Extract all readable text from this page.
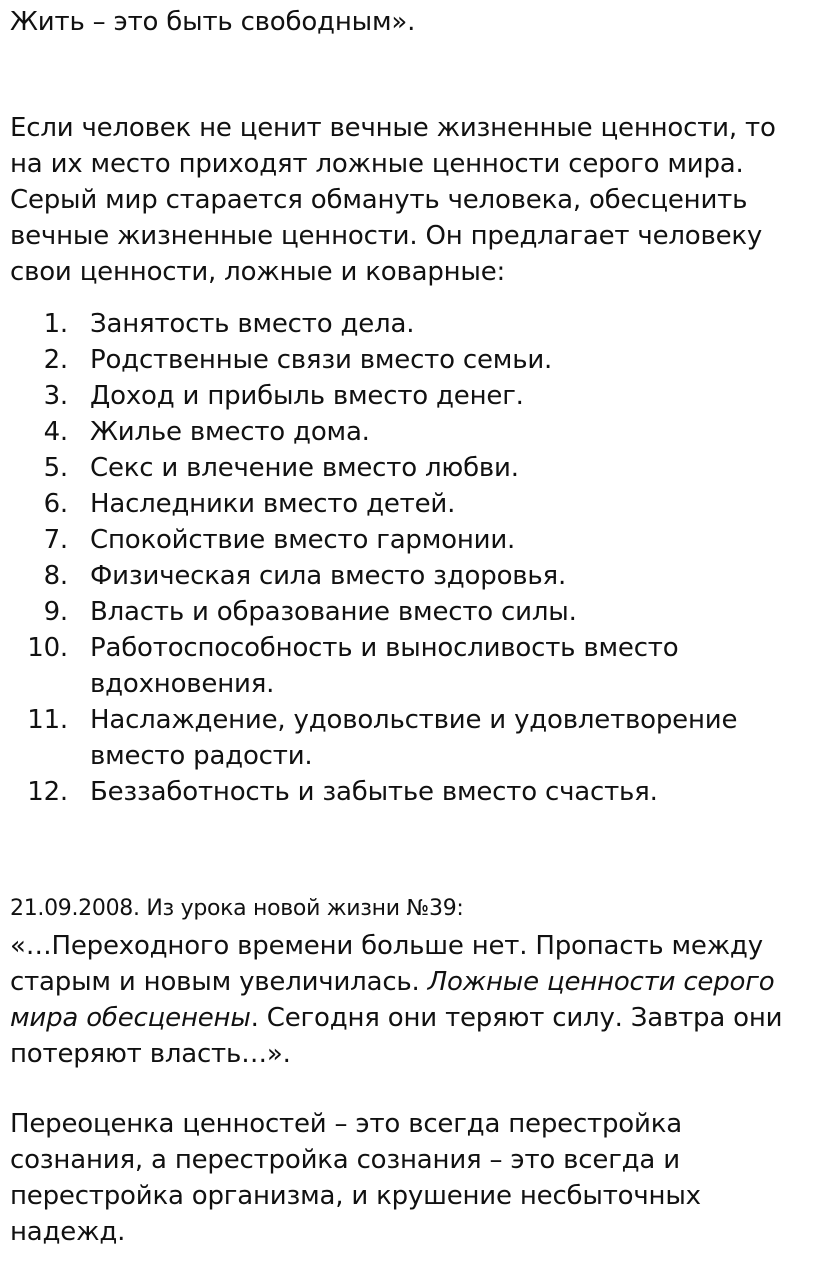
Жить – это быть свободным».
Если человек не ценит вечные жизненные ценности, то
на их место приходят ложные ценности серого мира.
Серый мир старается обмануть человека, обесценить
вечные жизненные ценности. Он предлагает человеку
свои ценности, ложные и коварные:
1. Занятость вместо дела.
2. Родственные связи вместо семьи.
3. Доход и прибыль вместо денег.
4. Жилье вместо дома.
5. Секс и влечение вместо любви.
6. Наследники вместо детей.
7. Спокойствие вместо гармонии.
8. Физическая сила вместо здоровья.
9. Власть и образование вместо силы.
10. Работоспособность и выносливость вместо вдохновения.
11. Наслаждение, удовольствие и удовлетворение вместо радости.
12. Беззаботность и забытье вместо счастья.
21.09.2008. Из урока новой жизни №39:
«…Переходного времени больше нет. Пропасть между
старым и новым увеличилась. Ложные ценности серого
мира обесценены. Сегодня они теряют силу. Завтра они
потеряют власть…».
Переоценка ценностей – это всегда перестройка
сознания, а перестройка сознания – это всегда и
перестройка организма, и крушение несбыточных
надежд.
